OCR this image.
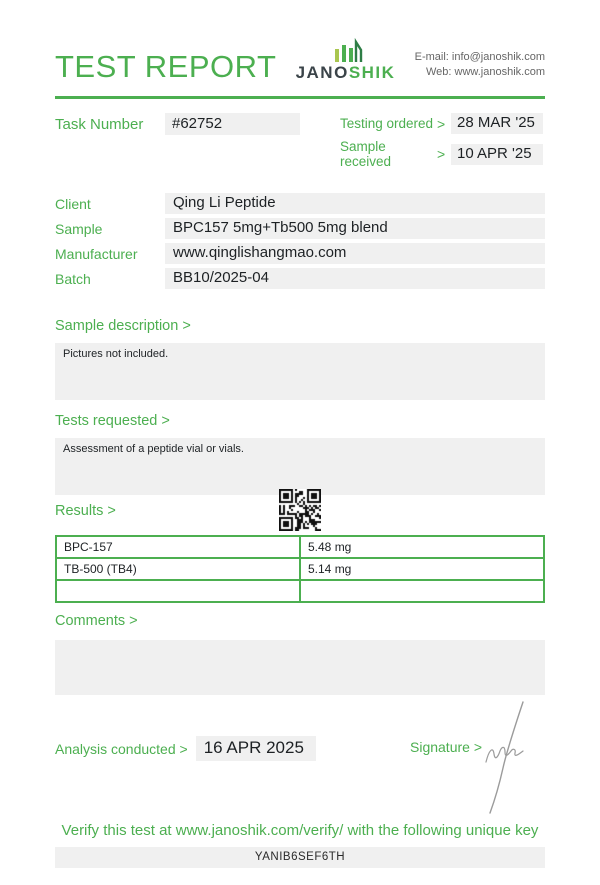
TEST REPORT JANOSHIK
E-mail: info@janoshik.com
Web: www.janoshik.com
Task Number	#62752	Testing ordered > 28 MAR '25
Sample received	> 10 APR '25
Client	Qing Li Peptide
Sample	BPC157 5mg+Tb500 5mg blend
Manufacturer	www.qinglishangmao.com
Batch	BB10/2025-04
Sample description >
Pictures not included.
Tests requested >
Assessment of a peptide vial or vials.
Results >
BPC-157	5.48 mg
TB-500 (TB4)	5.14 mg

Comments >
Analysis conducted > 16 APR 2025	Signature >
Verify this test at www.janoshik.com/verify/ with the following unique key
YANIB6SEF6TH
